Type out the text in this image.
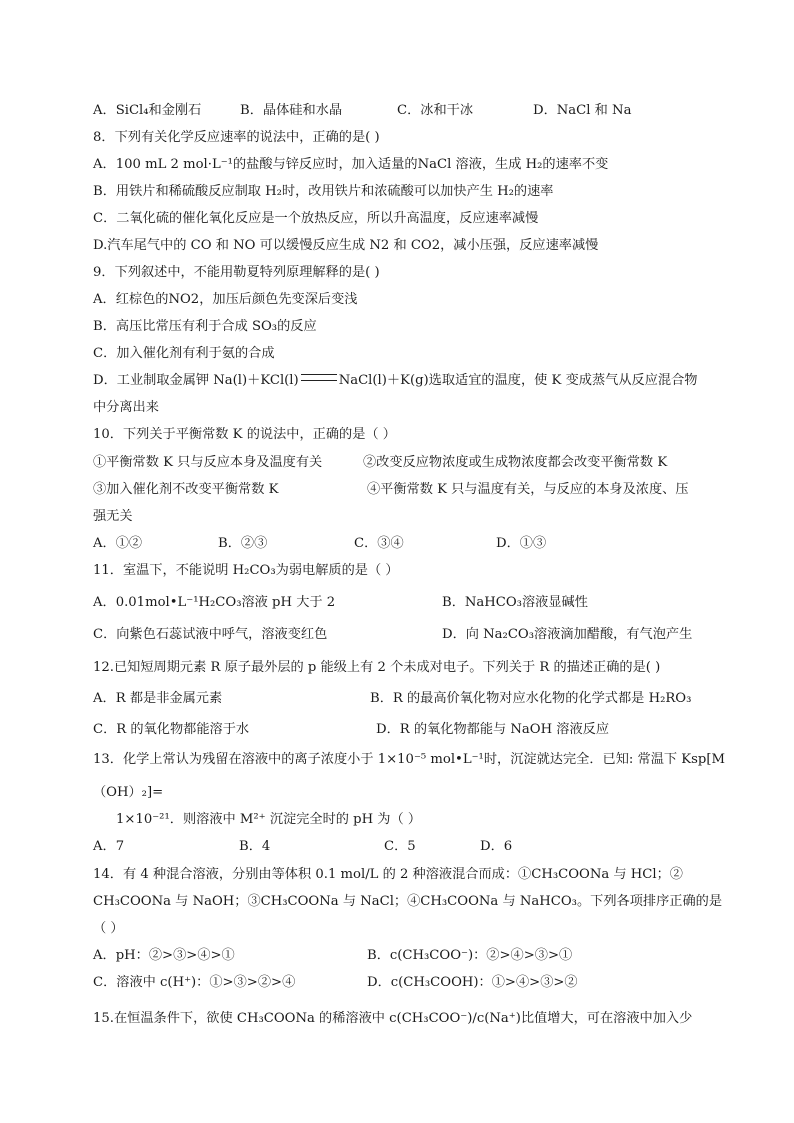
A．SiCl₄和金刚石	B．晶体硅和水晶	C．冰和干冰	D．NaCl 和 Na
8．下列有关化学反应速率的说法中，正确的是( )
A．100 mL 2 mol·L⁻¹的盐酸与锌反应时，加入适量的NaCl 溶液，生成 H₂的速率不变
B．用铁片和稀硫酸反应制取 H₂时，改用铁片和浓硫酸可以加快产生 H₂的速率
C．二氧化硫的催化氧化反应是一个放热反应，所以升高温度，反应速率减慢
D.汽车尾气中的 CO 和 NO 可以缓慢反应生成 N2 和 CO2，减小压强，反应速率减慢
9．下列叙述中，不能用勒夏特列原理解释的是( )
A．红棕色的NO2，加压后颜色先变深后变浅
B．高压比常压有利于合成 SO₃的反应
C．加入催化剂有利于氨的合成
D．工业制取金属钾 Na(l)＋KCl(l)	NaCl(l)＋K(g)选取适宜的温度，使 K 变成蒸气从反应混合物
中分离出来
10．下列关于平衡常数 K 的说法中，正确的是（ ）
①平衡常数 K 只与反应本身及温度有关	②改变反应物浓度或生成物浓度都会改变平衡常数 K
③加入催化剂不改变平衡常数 K	④平衡常数 K 只与温度有关，与反应的本身及浓度、压
强无关
A．①②	B．②③	C．③④	D．①③
11．室温下，不能说明 H₂CO₃为弱电解质的是（ ）
A．0.01mol•L⁻¹H₂CO₃溶液 pH 大于 2	B．NaHCO₃溶液显碱性
C．向紫色石蕊试液中呼气，溶液变红色	D．向 Na₂CO₃溶液滴加醋酸，有气泡产生
12.已知短周期元素 R 原子最外层的 p 能级上有 2 个未成对电子。下列关于 R 的描述正确的是( )
A．R 都是非金属元素	B．R 的最高价氧化物对应水化物的化学式都是 H₂RO₃
C．R 的氧化物都能溶于水	D．R 的氧化物都能与 NaOH 溶液反应
13．化学上常认为残留在溶液中的离子浓度小于 1×10⁻⁵ mol•L⁻¹时，沉淀就达完全．已知: 常温下 Ksp[M
（OH）₂]=
1×10⁻²¹．则溶液中 M²⁺ 沉淀完全时的 pH 为（ ）
A．7	B．4	C．5	D．6
14．有 4 种混合溶液，分别由等体积 0.1 mol/L 的 2 种溶液混合而成：①CH₃COONa 与 HCl；②
CH₃COONa 与 NaOH；③CH₃COONa 与 NaCl；④CH₃COONa 与 NaHCO₃。下列各项排序正确的是
（ ）
A．pH：②>③>④>①	B．c(CH₃COO⁻)：②>④>③>①
C．溶液中 c(H⁺)：①>③>②>④	D．c(CH₃COOH)：①>④>③>②
15.在恒温条件下，欲使 CH₃COONa 的稀溶液中 c(CH₃COO⁻)/c(Na⁺)比值增大，可在溶液中加入少
